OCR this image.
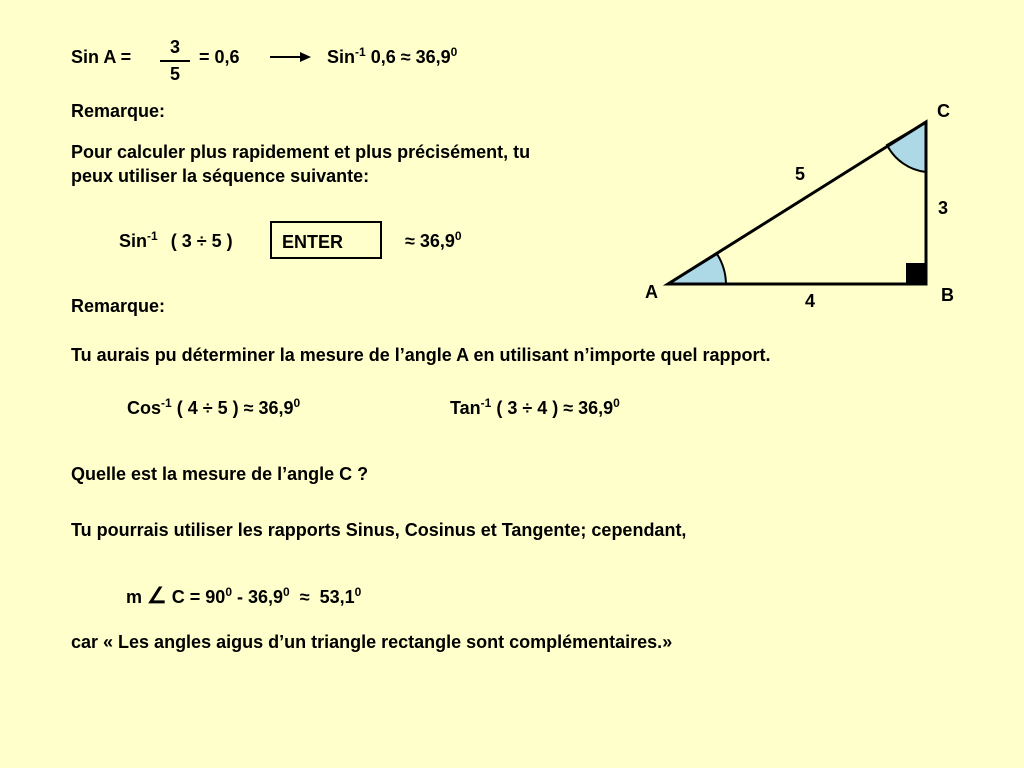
Sin A =	3
5
= 0,6	Sin$^{-1}$ $0,6 \approx 36,9^0$
Remarque:
Pour calculer plus rapidement et plus précisément, tu peux utiliser la séquence suivante:
Sin$^{-1}$ ( 3 ÷ 5 )	ENTER	≈ $36,9^0$
Remarque:
Tu aurais pu déterminer la mesure de l’angle A en utilisant n’importe quel rapport.
Cos$^{-1}$ ( 4 ÷ 5 ) ≈ $36,9^0$	Tan$^{-1}$ ( 3 ÷ 4 ) ≈ $36,9^0$
Quelle est la mesure de l’angle C ?
Tu pourrais utiliser les rapports Sinus, Cosinus et Tangente; cependant,
m ∠ $C = 90^0 - 36,9^0 \approx 53,1^0$
car « Les angles aigus d’un triangle rectangle sont complémentaires.»
A	B
C
5
3
4
